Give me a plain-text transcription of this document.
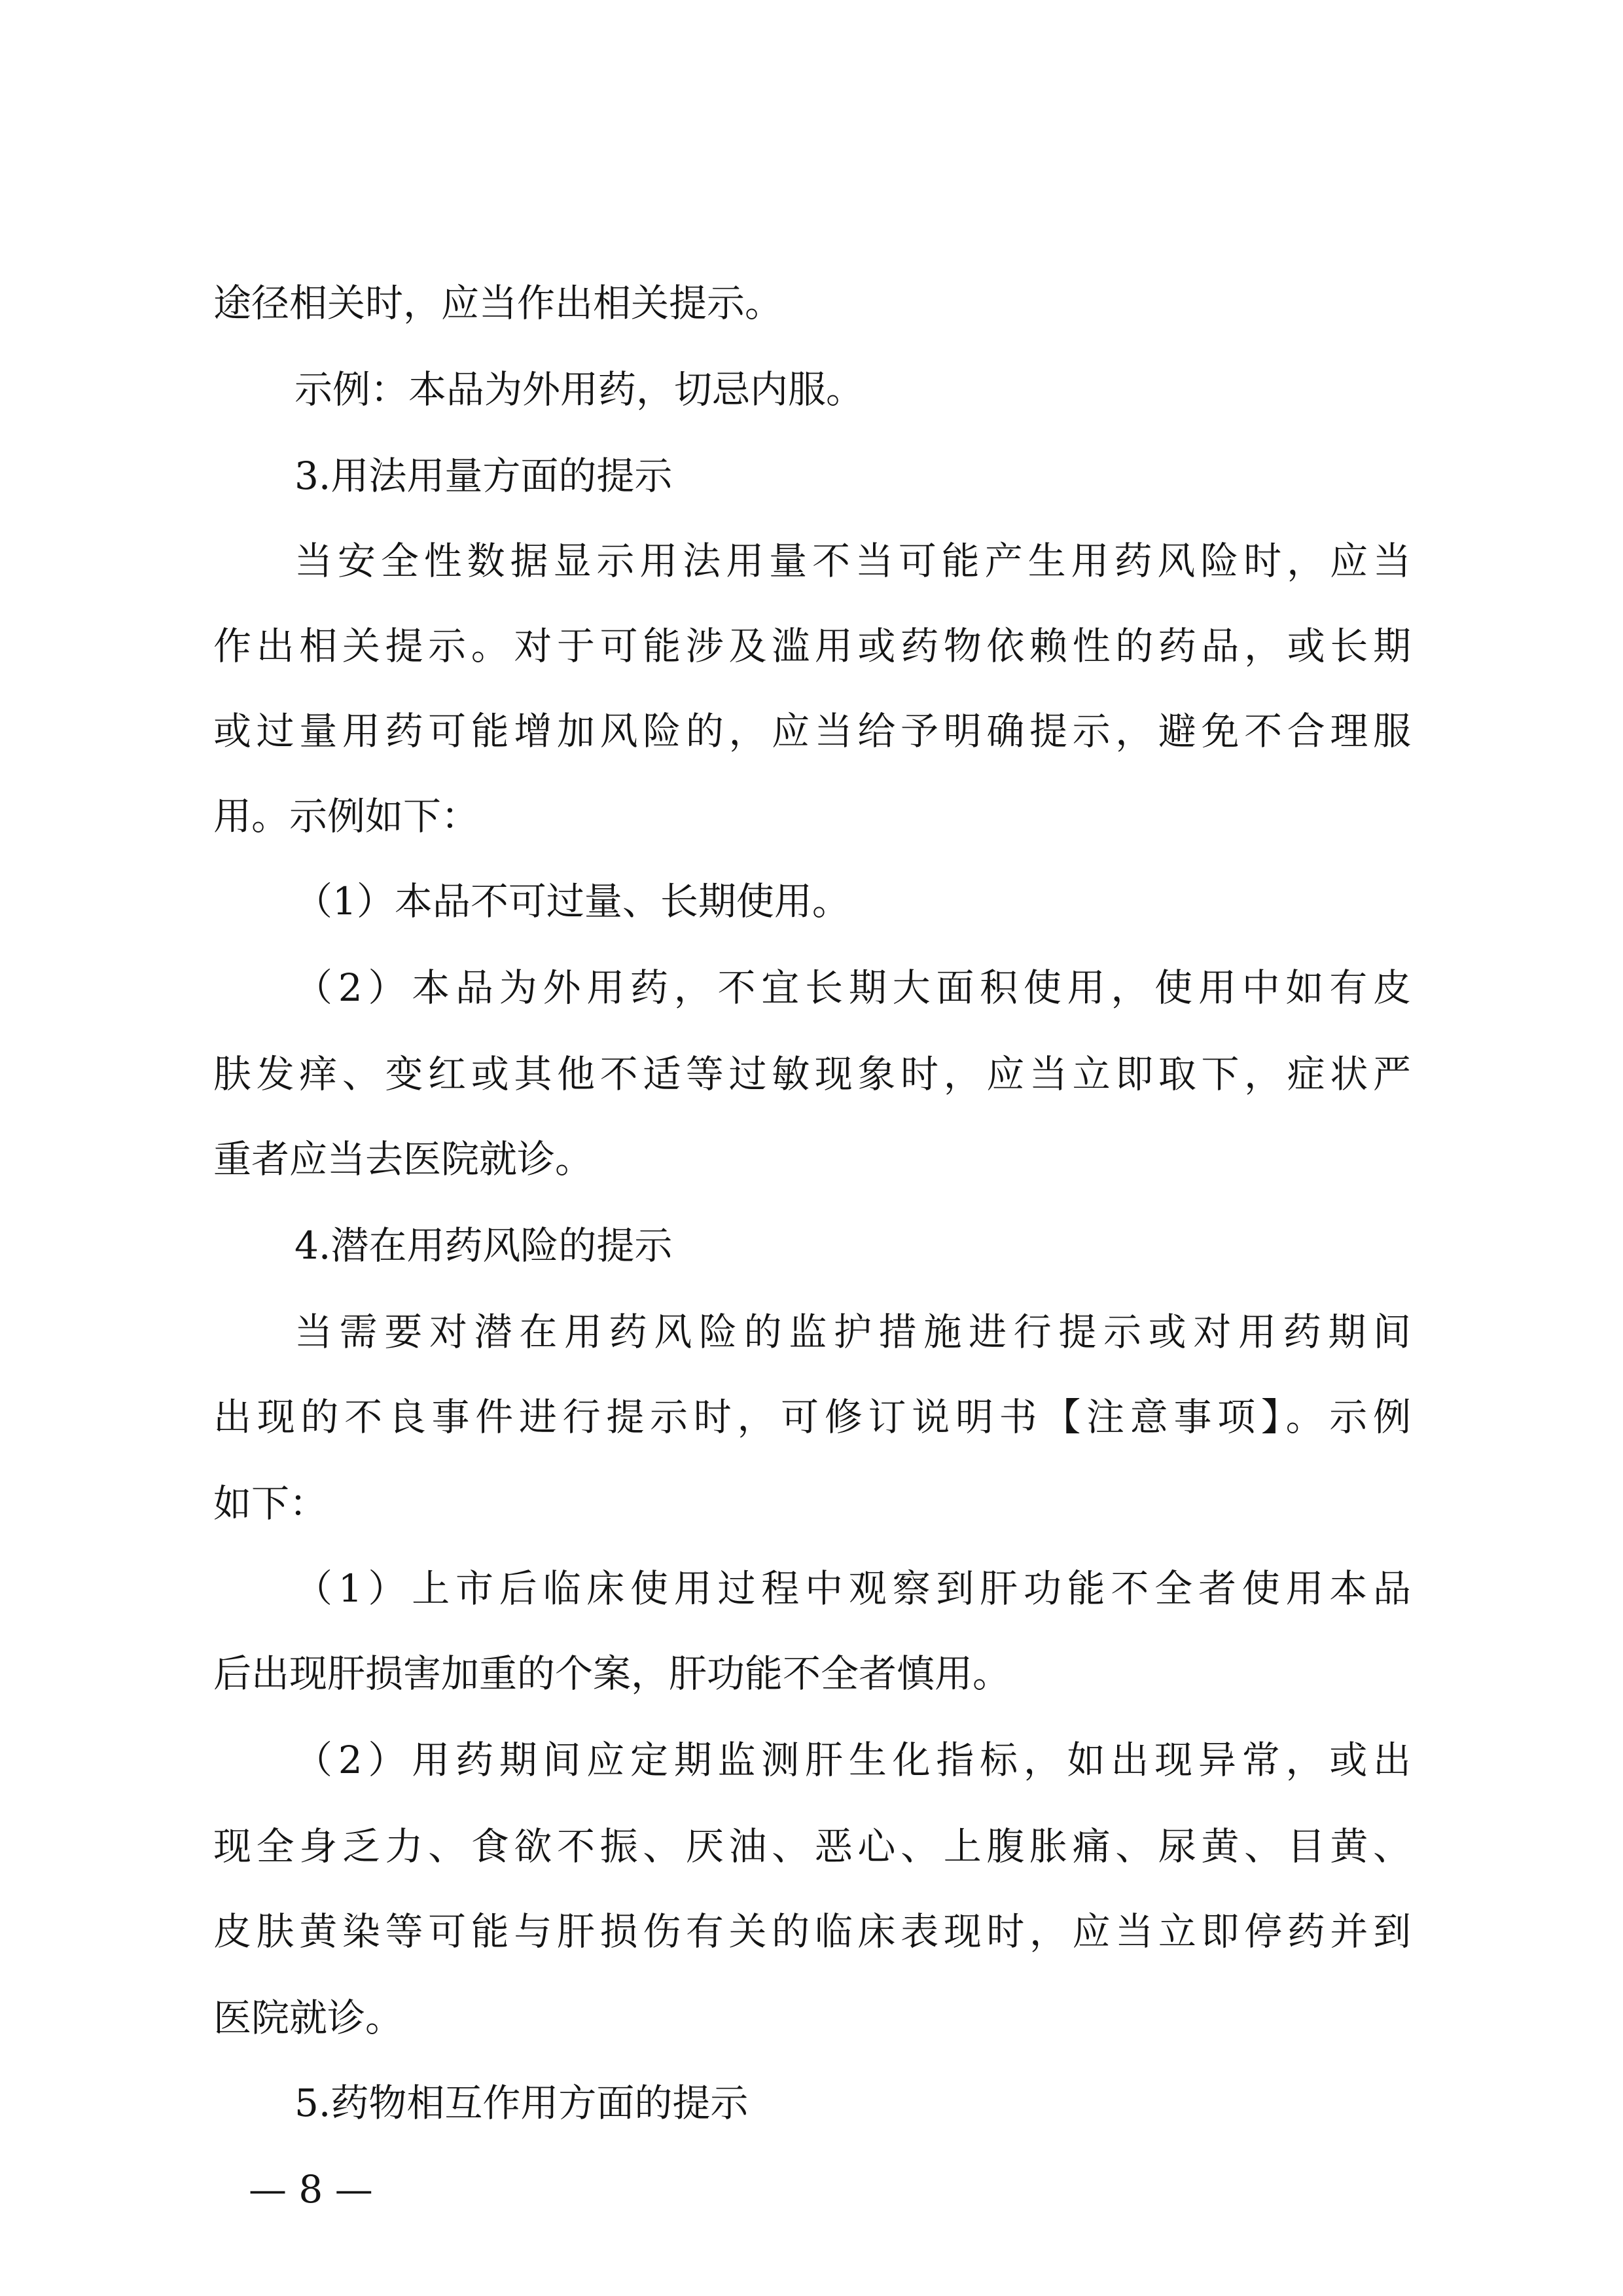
途径相关时，应当作出相关提示。
示例：本品为外用药，切忌内服。
3.用法用量方面的提示
当安全性数据显示用法用量不当可能产生用药风险时，应当
作出相关提示。对于可能涉及滥用或药物依赖性的药品，或长期
或过量用药可能增加风险的，应当给予明确提示，避免不合理服
用。示例如下：
（1）本品不可过量、长期使用。
（2）本品为外用药，不宜长期大面积使用，使用中如有皮
肤发痒、变红或其他不适等过敏现象时，应当立即取下，症状严
重者应当去医院就诊。
4.潜在用药风险的提示
当需要对潜在用药风险的监护措施进行提示或对用药期间
出现的不良事件进行提示时，可修订说明书【注意事项】。示例
如下：
（1）上市后临床使用过程中观察到肝功能不全者使用本品
后出现肝损害加重的个案，肝功能不全者慎用。
（2）用药期间应定期监测肝生化指标，如出现异常，或出
现全身乏力、食欲不振、厌油、恶心、上腹胀痛、尿黄、目黄、
皮肤黄染等可能与肝损伤有关的临床表现时，应当立即停药并到
医院就诊。
5.药物相互作用方面的提示
— 8 —
